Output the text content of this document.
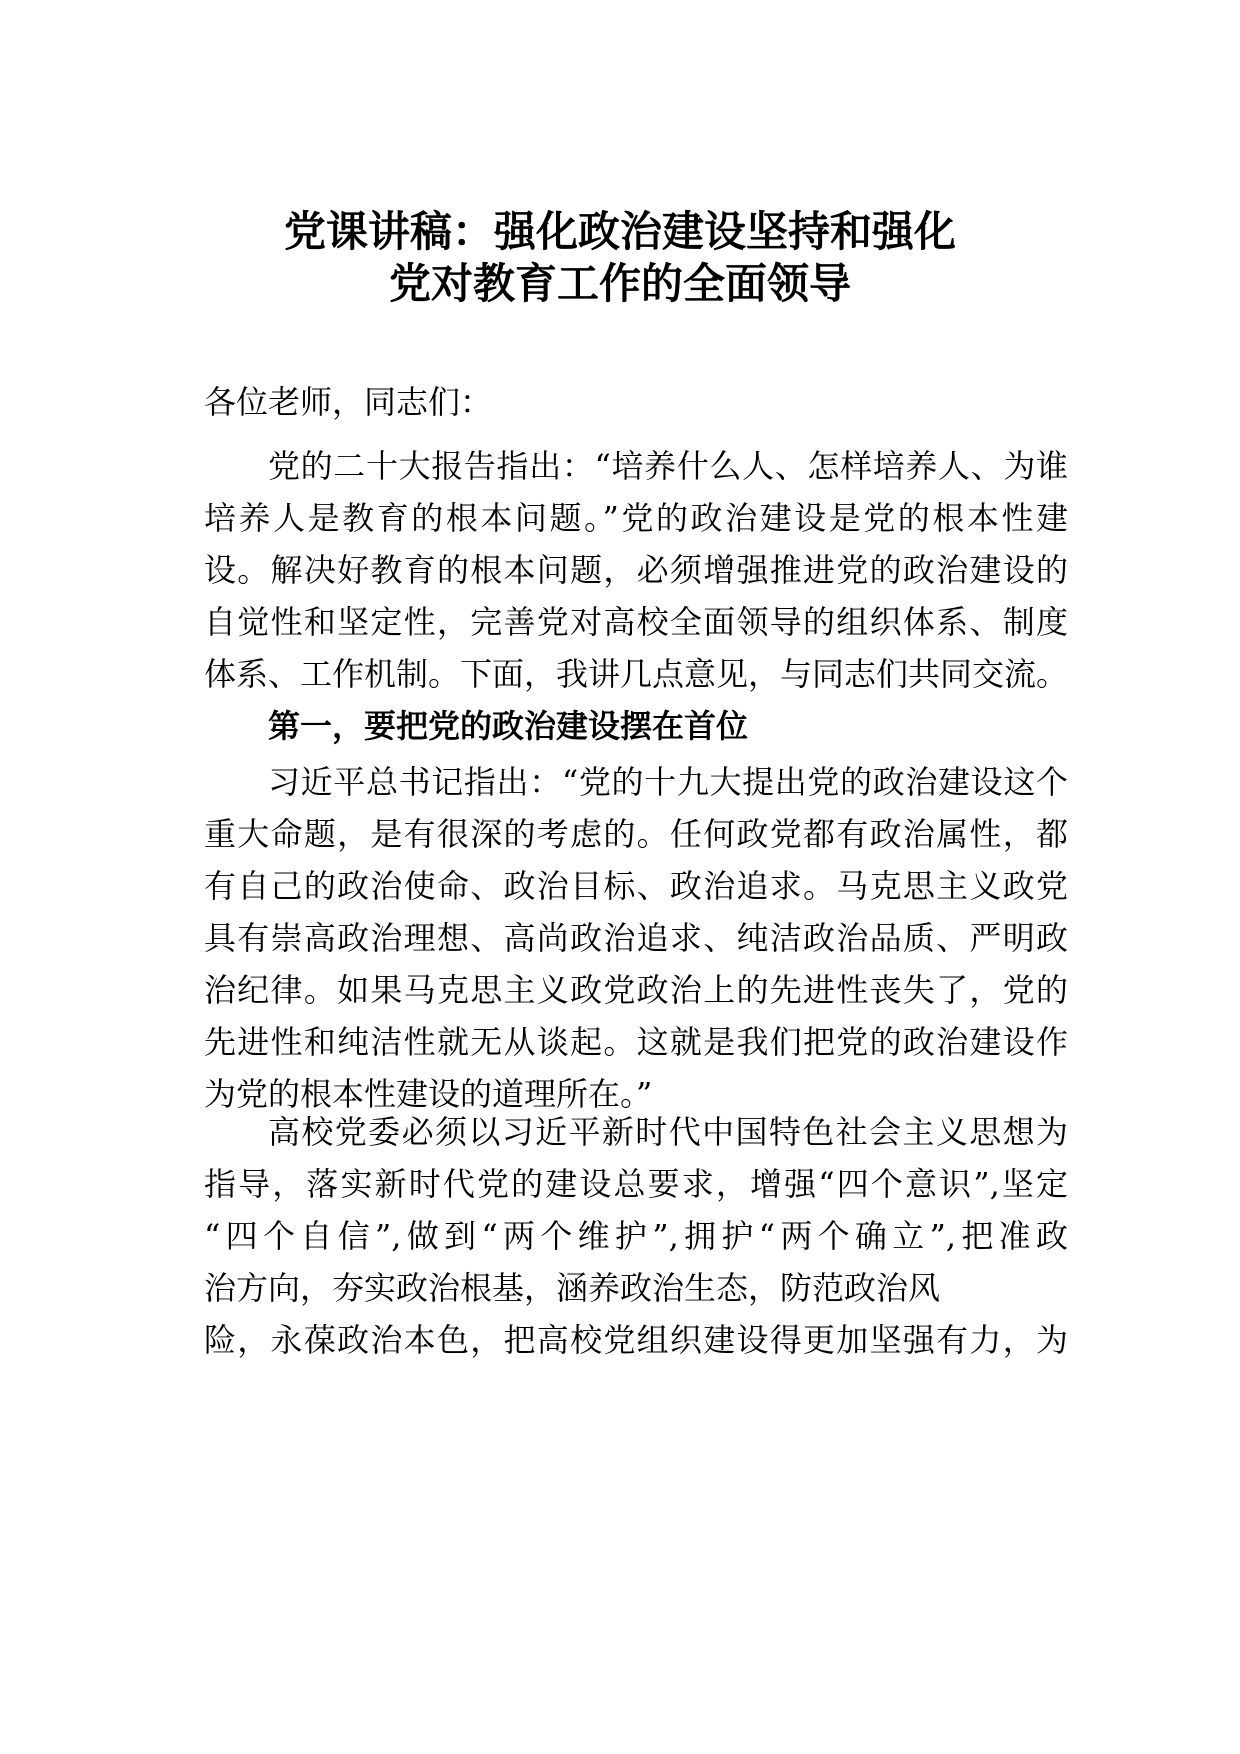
党课讲稿：强化政治建设坚持和强化
党对教育工作的全面领导

各位老师，同志们：

党的二十大报告指出：“培养什么人、怎样培养人、为谁
培养人是教育的根本问题。”党的政治建设是党的根本性建
设。解决好教育的根本问题，必须增强推进党的政治建设的
自觉性和坚定性，完善党对高校全面领导的组织体系、制度
体系、工作机制。下面，我讲几点意见，与同志们共同交流。
第一，要把党的政治建设摆在首位
习近平总书记指出：“党的十九大提出党的政治建设这个
重大命题，是有很深的考虑的。任何政党都有政治属性，都
有自己的政治使命、政治目标、政治追求。马克思主义政党
具有崇高政治理想、高尚政治追求、纯洁政治品质、严明政
治纪律。如果马克思主义政党政治上的先进性丧失了，党的
先进性和纯洁性就无从谈起。这就是我们把党的政治建设作
为党的根本性建设的道理所在。”
高校党委必须以习近平新时代中国特色社会主义思想为
指导，落实新时代党的建设总要求，增强“四个意识”,坚定
“四个自信”,做到“两个维护”,拥护“两个确立”,把准政
治方向，夯实政治根基，涵养政治生态，防范政治风
险，永葆政治本色，把高校党组织建设得更加坚强有力，为
